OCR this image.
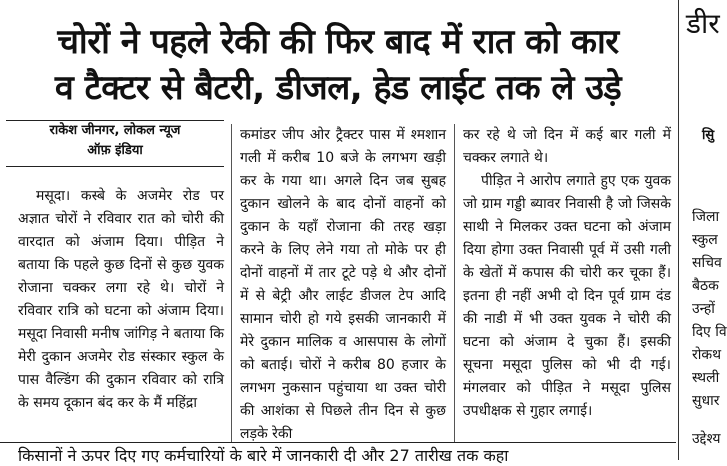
चोरों ने पहले रेकी की फिर बाद में रात को कार
व टैक्टर से बैटरी, डीजल, हेड लाईट तक ले उड़े
राकेश जीनगर, लोकल न्यूज
ऑफ़ इंडिया

मसूदा। कस्बे के अजमेर रोड पर अज्ञात चोरों ने रविवार रात को चोरी की वारदात को अंजाम दिया। पीड़ित ने बताया कि पहले कुछ दिनों से कुछ युवक रोजाना चक्कर लगा रहे थे। चोरों ने रविवार रात्रि को घटना को अंजाम दिया। मसूदा निवासी मनीष जांगिड़ ने बताया कि मेरी दुकान अजमेर रोड संस्कार स्कुल के पास वैल्डिंग की दुकान रविवार को रात्रि के समय दूकान बंद कर के मैं महिंद्रा

कमांडर जीप ओर ट्रैक्टर पास में श्मशान गली में करीब 10 बजे के लगभग खड़ी कर के गया था। अगले दिन जब सुबह दुकान खोलने के बाद दोनों वाहनों को दुकान के यहाँ रोजाना की तरह खड़ा करने के लिए लेने गया तो मोके पर ही दोनों वाहनों में तार टूटे पड़े थे और दोनों में से बेट्री और लाईट डीजल टेप आदि सामान चोरी हो गये इसकी जानकारी में मेरे दुकान मालिक व आसपास के लोगों को बताई। चोरों ने करीब 80 हजार के लगभग नुकसान पहुंचाया था उक्त चोरी की आशंका से पिछले तीन दिन से कुछ लड़के रेकी

कर रहे थे जो दिन में कई बार गली में चक्कर लगाते थे।
पीड़ित ने आरोप लगाते हुए एक युवक जो ग्राम गड्डी ब्यावर निवासी है जो जिसके साथी ने मिलकर उक्त घटना को अंजाम दिया होगा उक्त निवासी पूर्व में उसी गली के खेतों में कपास की चोरी कर चूका हैं। इतना ही नहीं अभी दो दिन पूर्व ग्राम दंड की नाडी में भी उक्त युवक ने चोरी की घटना को अंजाम दे चुका हैं। इसकी सूचना मसूदा पुलिस को भी दी गई। मंगलवार को पीड़ित ने मसूदा पुलिस उपधीक्षक से गुहार लगाई।
डीर
सुि
जिला
स्कुल
सचिव
बैठक
उन्हों
दिए वि
रोकथ
स्थली
सुधार
उद्देश्य
किसानों ने ऊपर दिए गए कर्मचारियों के बारे में जानकारी दी और 27 तारीख तक कहा
